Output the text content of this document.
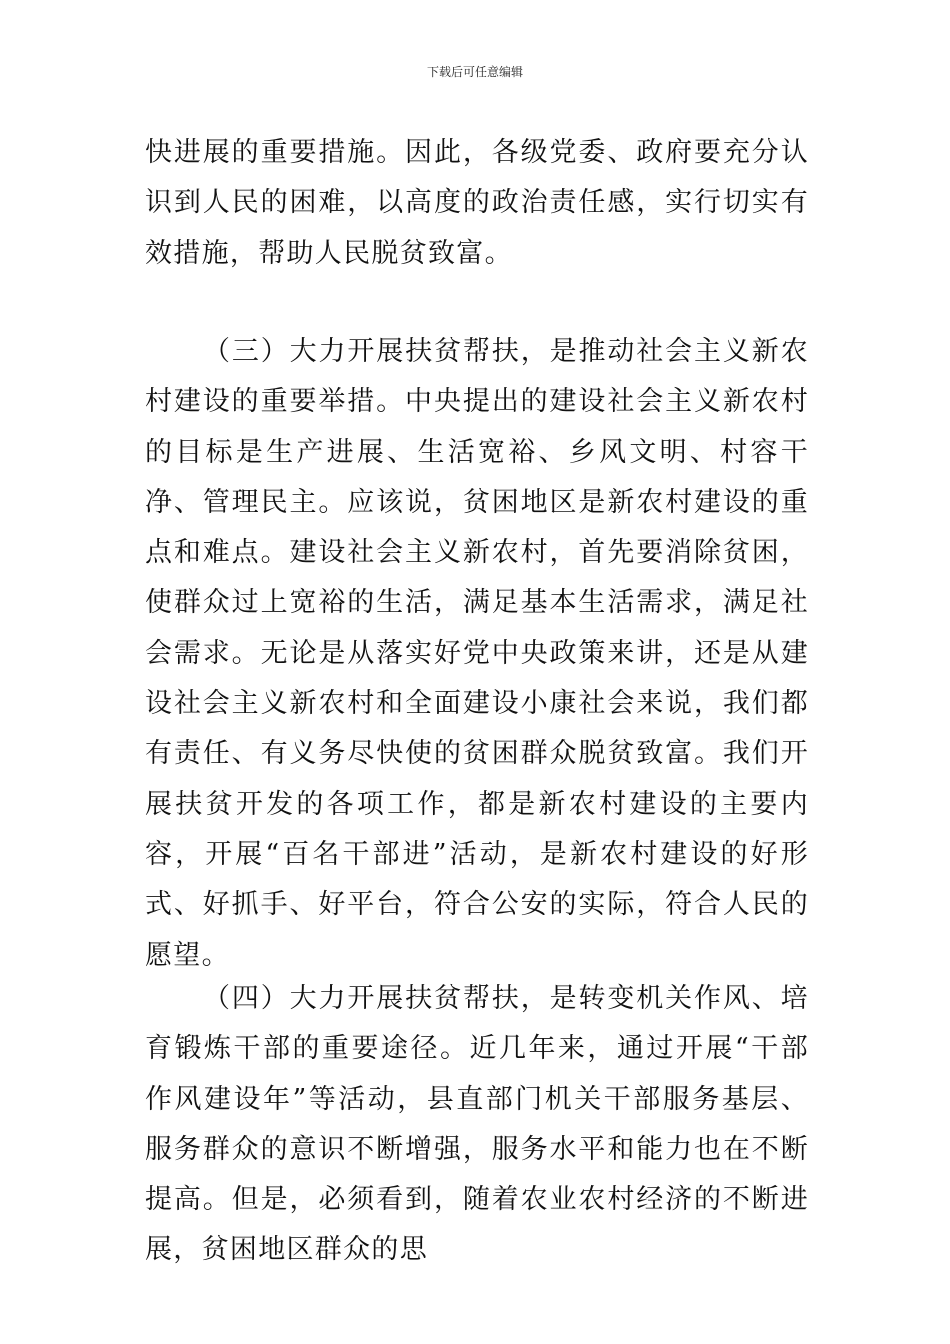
下载后可任意编辑

快进展的重要措施。因此，各级党委、政府要充分认识到人民的困难，以高度的政治责任感，实行切实有效措施，帮助人民脱贫致富。

（三）大力开展扶贫帮扶，是推动社会主义新农村建设的重要举措。中央提出的建设社会主义新农村的目标是生产进展、生活宽裕、乡风文明、村容干净、管理民主。应该说，贫困地区是新农村建设的重点和难点。建设社会主义新农村，首先要消除贫困，使群众过上宽裕的生活，满足基本生活需求，满足社会需求。无论是从落实好党中央政策来讲，还是从建设社会主义新农村和全面建设小康社会来说，我们都有责任、有义务尽快使的贫困群众脱贫致富。我们开展扶贫开发的各项工作，都是新农村建设的主要内容，开展“百名干部进”活动，是新农村建设的好形式、好抓手、好平台，符合公安的实际，符合人民的愿望。

（四）大力开展扶贫帮扶，是转变机关作风、培育锻炼干部的重要途径。近几年来，通过开展“干部作风建设年”等活动，县直部门机关干部服务基层、服务群众的意识不断增强，服务水平和能力也在不断提高。但是，必须看到，随着农业农村经济的不断进展，贫困地区群众的思
